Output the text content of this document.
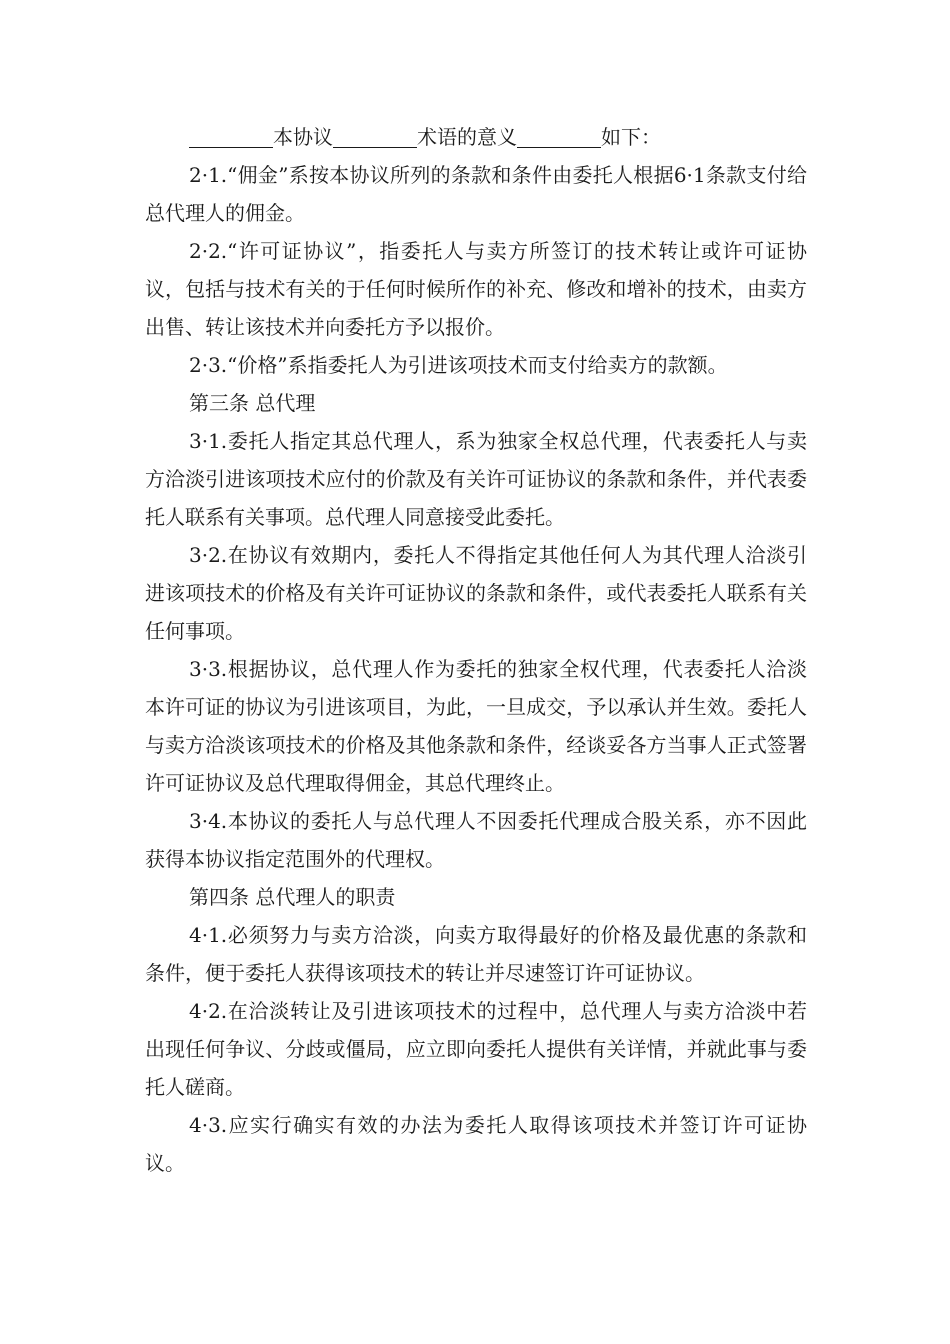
本协议	术语的意义	如下：

2·1.“佣金”系按本协议所列的条款和条件由委托人根据6·1条款支付给总代理人的佣金。

2·2.“许可证协议”，指委托人与卖方所签订的技术转让或许可证协议，包括与技术有关的于任何时候所作的补充、修改和增补的技术，由卖方出售、转让该技术并向委托方予以报价。

2·3.“价格”系指委托人为引进该项技术而支付给卖方的款额。

第三条 总代理

3·1.委托人指定其总代理人，系为独家全权总代理，代表委托人与卖方洽淡引进该项技术应付的价款及有关许可证协议的条款和条件，并代表委托人联系有关事项。总代理人同意接受此委托。

3·2.在协议有效期内，委托人不得指定其他任何人为其代理人洽淡引进该项技术的价格及有关许可证协议的条款和条件，或代表委托人联系有关任何事项。

3·3.根据协议，总代理人作为委托的独家全权代理，代表委托人洽淡本许可证的协议为引进该项目，为此，一旦成交，予以承认并生效。委托人与卖方洽淡该项技术的价格及其他条款和条件，经谈妥各方当事人正式签署许可证协议及总代理取得佣金，其总代理终止。

3·4.本协议的委托人与总代理人不因委托代理成合股关系，亦不因此获得本协议指定范围外的代理权。

第四条 总代理人的职责

4·1.必须努力与卖方洽淡，向卖方取得最好的价格及最优惠的条款和条件，便于委托人获得该项技术的转让并尽速签订许可证协议。

4·2.在洽淡转让及引进该项技术的过程中，总代理人与卖方洽淡中若出现任何争议、分歧或僵局，应立即向委托人提供有关详情，并就此事与委托人磋商。

4·3.应实行确实有效的办法为委托人取得该项技术并签订许可证协议。
